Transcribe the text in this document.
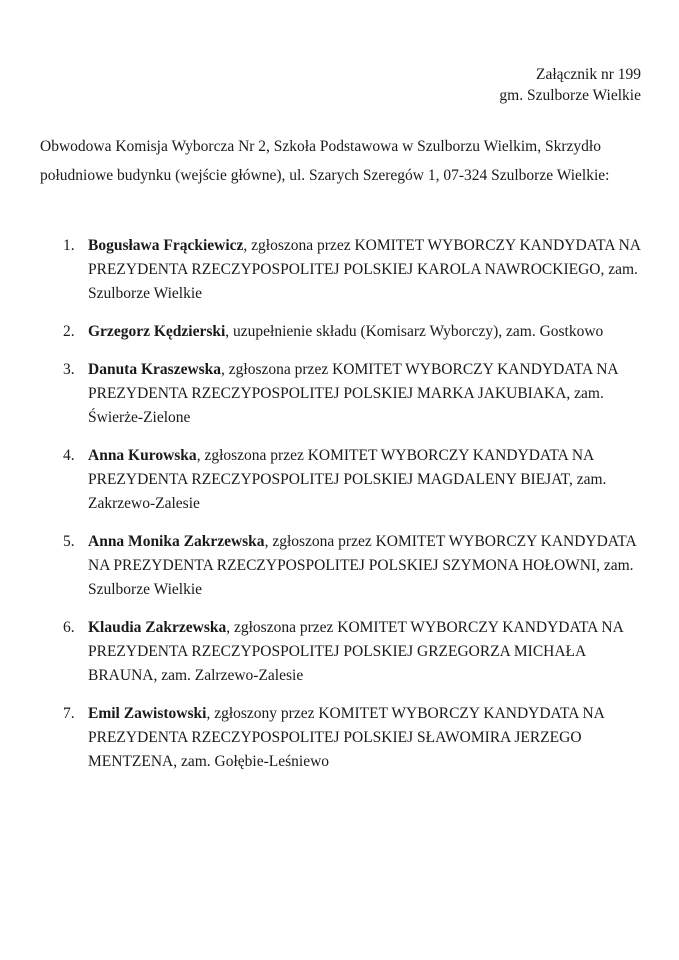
Załącznik nr 199
gm. Szulborze Wielkie

Obwodowa Komisja Wyborcza Nr 2, Szkoła Podstawowa w Szulborzu Wielkim, Skrzydło południowe budynku (wejście główne), ul. Szarych Szeregów 1, 07-324 Szulborze Wielkie:

1. Bogusława Frąckiewicz, zgłoszona przez KOMITET WYBORCZY KANDYDATA NA PREZYDENTA RZECZYPOSPOLITEJ POLSKIEJ KAROLA NAWROCKIEGO, zam. Szulborze Wielkie
2. Grzegorz Kędzierski, uzupełnienie składu (Komisarz Wyborczy), zam. Gostkowo
3. Danuta Kraszewska, zgłoszona przez KOMITET WYBORCZY KANDYDATA NA PREZYDENTA RZECZYPOSPOLITEJ POLSKIEJ MARKA JAKUBIAKA, zam. Świerże-Zielone
4. Anna Kurowska, zgłoszona przez KOMITET WYBORCZY KANDYDATA NA PREZYDENTA RZECZYPOSPOLITEJ POLSKIEJ MAGDALENY BIEJAT, zam. Zakrzewo-Zalesie
5. Anna Monika Zakrzewska, zgłoszona przez KOMITET WYBORCZY KANDYDATA NA PREZYDENTA RZECZYPOSPOLITEJ POLSKIEJ SZYMONA HOŁOWNI, zam. Szulborze Wielkie
6. Klaudia Zakrzewska, zgłoszona przez KOMITET WYBORCZY KANDYDATA NA PREZYDENTA RZECZYPOSPOLITEJ POLSKIEJ GRZEGORZA MICHAŁA BRAUNA, zam. Zalrzewo-Zalesie
7. Emil Zawistowski, zgłoszony przez KOMITET WYBORCZY KANDYDATA NA PREZYDENTA RZECZYPOSPOLITEJ POLSKIEJ SŁAWOMIRA JERZEGO MENTZENA, zam. Gołębie-Leśniewo
